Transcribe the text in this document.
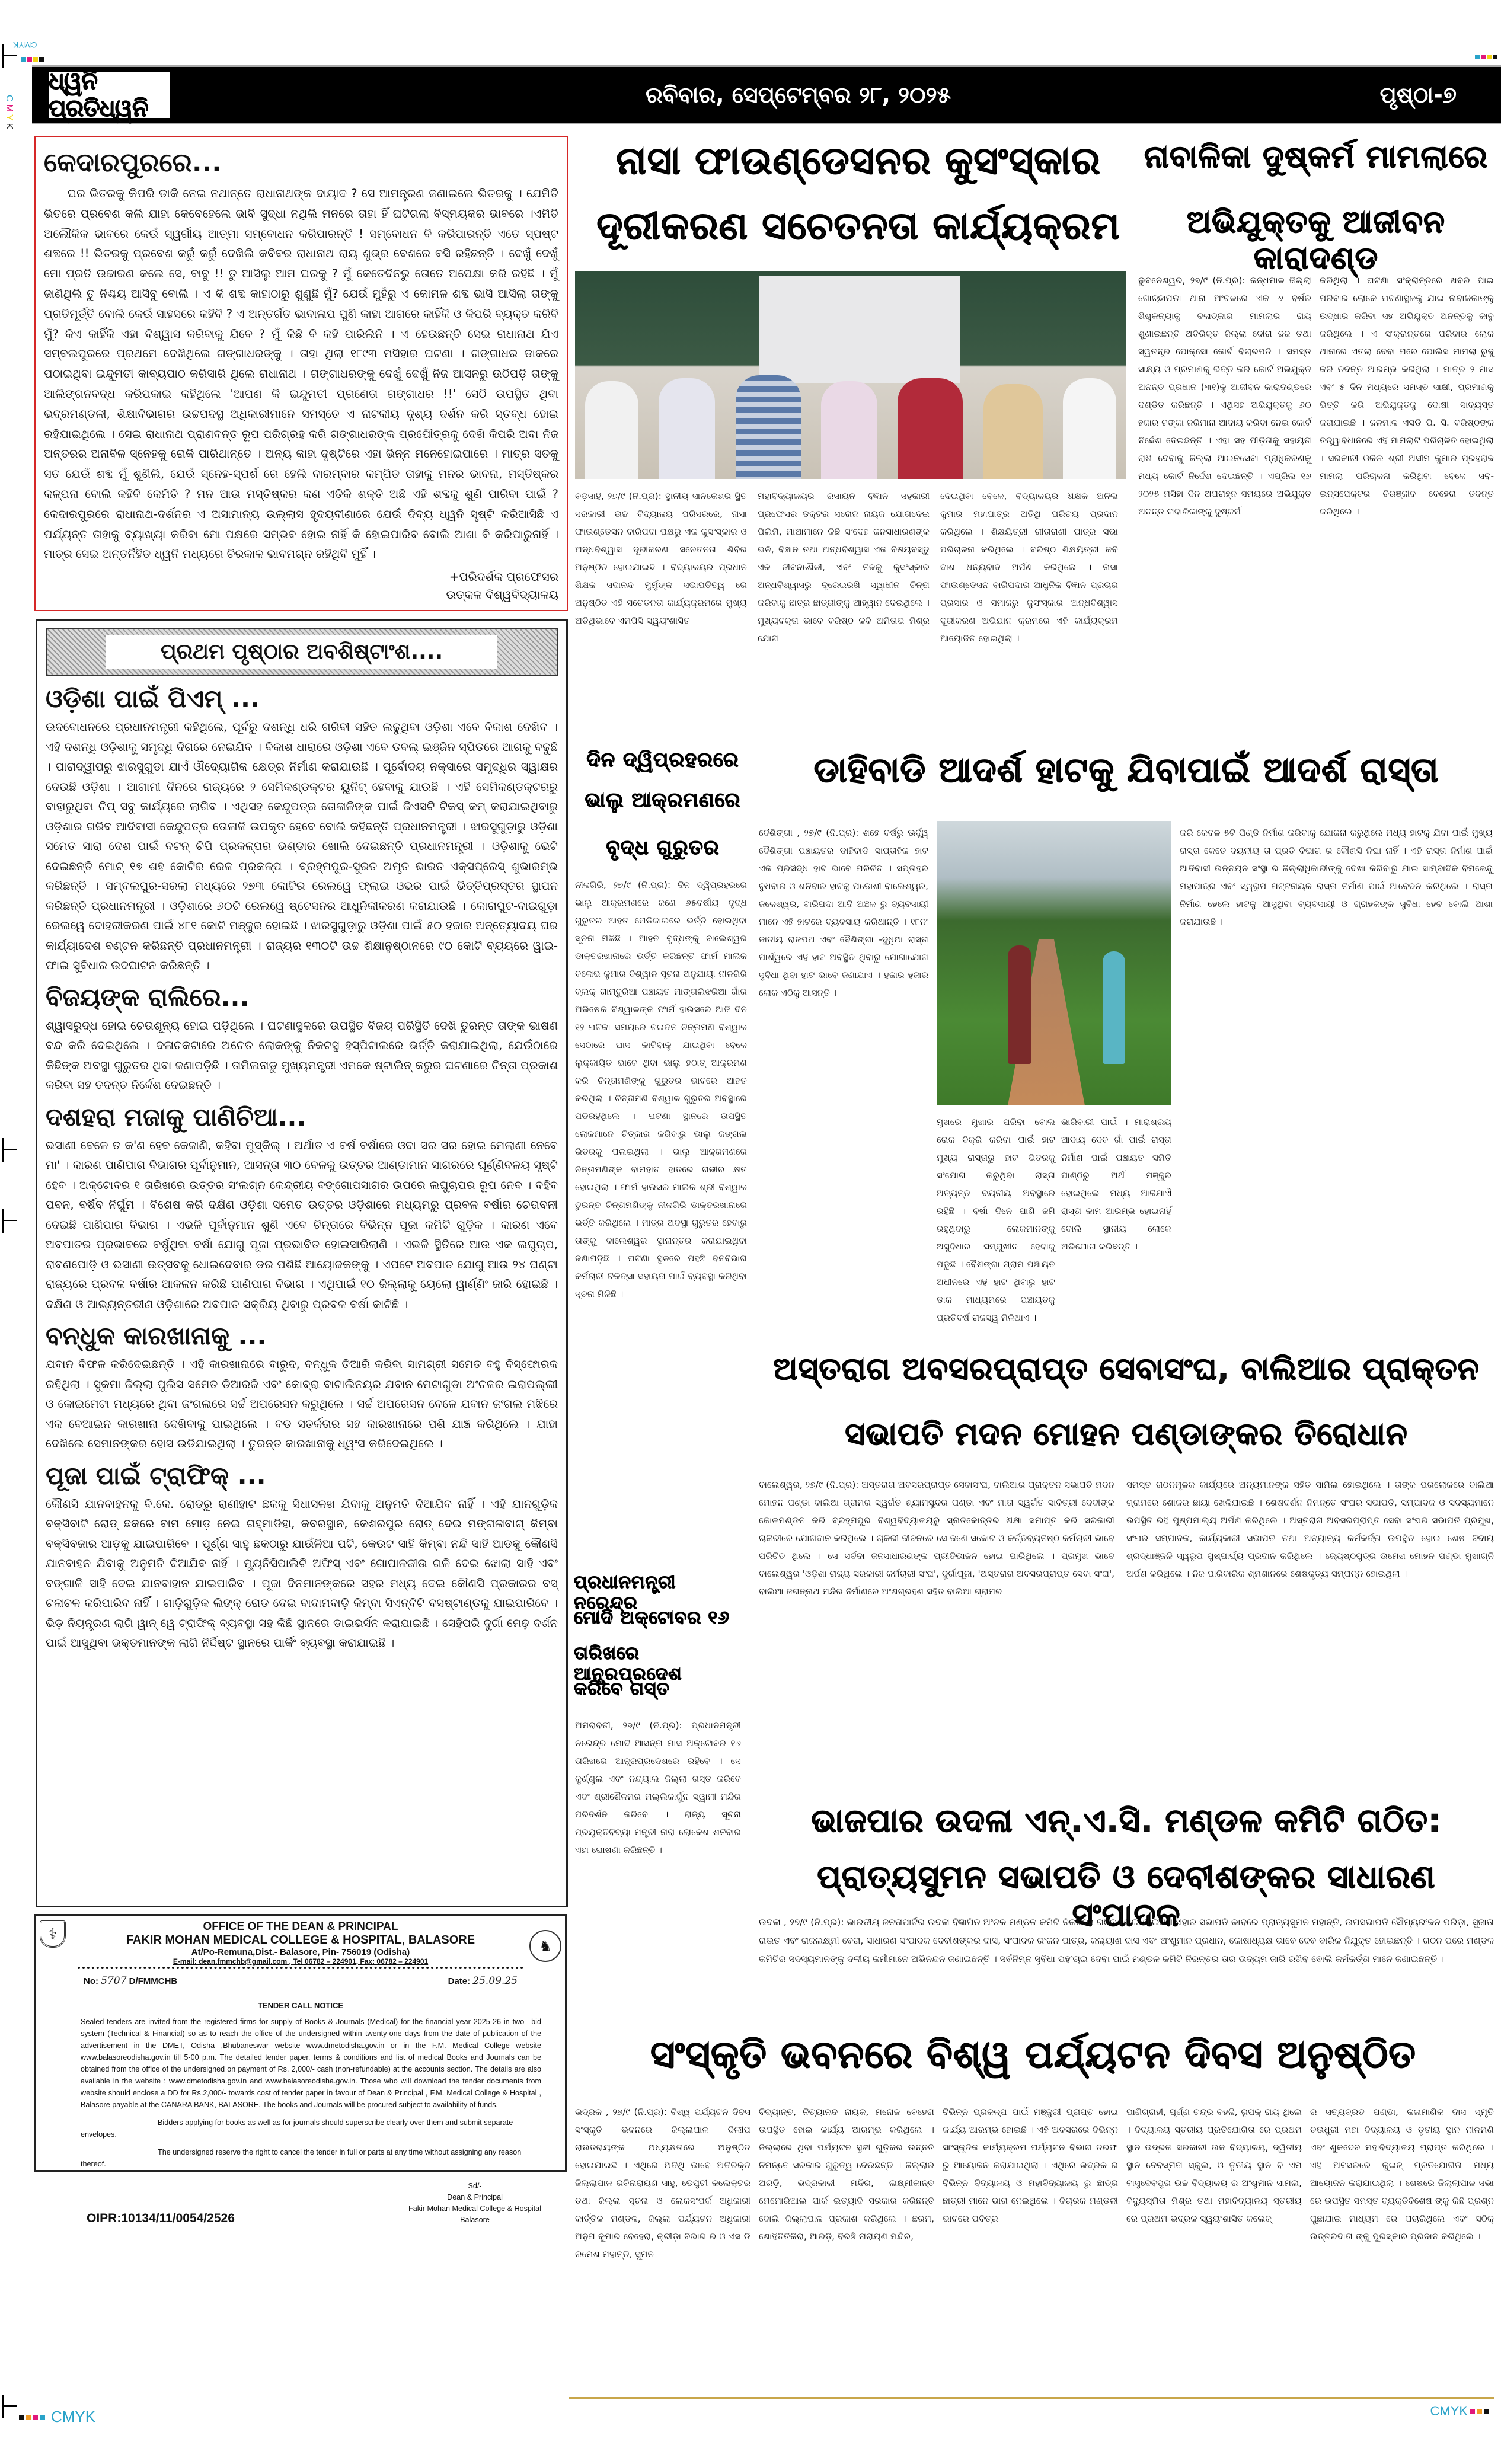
CMYK
CMYK
ଧ୍ୱନି ପ୍ରତିଧ୍ୱନି
ରବିବାର, ସେପ୍ଟେମ୍ବର ୨୮, ୨୦୨୫	ପୃଷ୍ଠା-୭
କେଦାରପୁରରେ...

ଘର ଭିତରକୁ କିପରି ଡାକି ନେଇ ନଥାନ୍ତେ ରାଧାନାଥଙ୍କ ଦାୟାଦ ? ସେ ଆମନ୍ତ୍ରଣ ଜଣାଇଲେ ଭିତରକୁ । ଯେମିତି ଭିତରେ ପ୍ରବେଶ କଲି ଯାହା କେବେହେଲେ ଭାବି ସୁଦ୍ଧା ନଥିଲି ମନରେ ତାହା ହିଁ ଘଟିଗଲା ବିସ୍ମୟକର ଭାବରେ ।ଏମିତି ଅଲୌକିକ ଭାବରେ କେଉଁ ସ୍ୱର୍ଗୀୟ ଆତ୍ମା ସମ୍ବୋଧନ କରିପାରନ୍ତି ! ସମ୍ବୋଧନ ବି କରିପାରନ୍ତି ଏତେ ସ୍ପଷ୍ଟ ଶବ୍ଦରେ !! ଭିତରକୁ ପ୍ରବେଶ କରୁଁ କରୁଁ ଦେଖିଲି କବିବର ରାଧାନାଥ ରାୟ ଶୁଭ୍ର ବେଶରେ ବସି ରହିଛନ୍ତି । ଦେଖୁଁ ଦେଖୁଁ ମୋ ପ୍ରତି ଉଚ୍ଚାରଣ କଲେ ସେ, ବାବୁ !! ତୁ ଆସିଲୁ ଆମ ଘରକୁ ? ମୁଁ କେତେଦିନରୁ ତୋତେ ଅପେକ୍ଷା କରି ରହିଛି । ମୁଁ ଜାଣିଥିଲି ତୁ ନିଶ୍ଚୟ ଆସିବୁ ବୋଲି । ଏ କି ଶବ୍ଦ କାହାଠାରୁ ଶୁଣୁଛି ମୁଁ? ଯେଉଁ ମୁହଁରୁ ଏ କୋମଳ ଶବ୍ଦ ଭାସି ଆସିଲା ତାଙ୍କୁ ପ୍ରତିମୂର୍ତ୍ତି ବୋଲି କେଉଁ ସାହସରେ କହିବି ? ଏ ଅନ୍ତର୍ଗତ ଭାବାଳାପ ପୁଣି କାହା ଆଗରେ କାହିଁକି ଓ କିପରି ବ୍ୟକ୍ତ କରିବି ମୁଁ? କିଏ କାହିଁକି ଏହା ବିଶ୍ୱାସ କରିବାକୁ ଯିବେ ? ମୁଁ କିଛି ବି କହି ପାରିଲିନି । ଏ ହେଉଛନ୍ତି ସେଇ ରାଧାନାଥ ଯିଏ ସମ୍ବଲପୁରରେ ପ୍ରଥମେ ଦେଖିଥିଲେ ଗଙ୍ଗାଧରଙ୍କୁ । ତାହା ଥିଲା ୧୮୯୩ ମସିହାର ଘଟଣା । ଗଙ୍ଗାଧର ଡାକରେ ପଠାଇଥିବା ଇନ୍ଦୁମତୀ କାବ୍ୟପାଠ କରିସାରି ଥିଲେ ରାଧାନାଥ । ଗଙ୍ଗାଧରଙ୍କୁ ଦେଖୁଁ ଦେଖୁଁ ନିଜ ଆସନରୁ ଉଠିପଡ଼ି ତାଙ୍କୁ ଆଲିଙ୍ଗନବଦ୍ଧ କରିପକାଇ କହିଥିଲେ 'ଆପଣ କି ଇନ୍ଦୁମତୀ ପ୍ରଣେତା ଗଙ୍ଗାଧର !!' ସେଠି ଉପସ୍ଥିତ ଥିବା ଭଦ୍ରମଣ୍ଡଳୀ, ଶିକ୍ଷାବିଭାଗର ଉଚ୍ଚପଦସ୍ଥ ଅଧିକାରୀମାନେ ସମସ୍ତେ ଏ ନାଟକୀୟ ଦୃଶ୍ୟ ଦର୍ଶନ କରି ସ୍ତବ୍ଧ ହୋଇ ରହିଯାଇଥିଲେ । ସେଇ ରାଧାନାଥ ପ୍ରାଣବନ୍ତ ରୂପ ପରିଗ୍ରହ କରି ଗଙ୍ଗାଧରଙ୍କ ପ୍ରପୌତ୍ରକୁ ଦେଖି କିପରି ଅବା ନିଜ ଅନ୍ତରର ଅନାବିଳ ସ୍ନେହକୁ ରୋକି ପାରିଥାନ୍ତେ । ଅନ୍ୟ କାହା ଦୃଷ୍ଟିରେ ଏହା ଭିନ୍ନ ମନେହୋଇପାରେ । ମାତ୍ର ସତକୁ ସତ ଯେଉଁ ଶବ୍ଦ ମୁଁ ଶୁଣିଲି, ଯେଉଁ ସ୍ନେହ-ସ୍ପର୍ଶ ରେ ହେଲି ବାରମ୍ବାର କମ୍ପିତ ତାହାକୁ ମନର ଭାବନା, ମସ୍ତିଷ୍କର କଳ୍ପନା ବୋଲି କହିବି କେମିତି ? ମନ ଆଉ ମସ୍ତିଷ୍କର କଣ ଏତିକି ଶକ୍ତି ଅଛି ଏହି ଶବ୍ଦକୁ ଶୁଣି ପାରିବା ପାଇଁ ? କେଦାରପୁରରେ ରାଧାନାଥ-ଦର୍ଶନର ଏ ଅସାମାନ୍ୟ ଉଲ୍ଲାସ ହୃଦୟବୀଣାରେ ଯେଉଁ ଦିବ୍ୟ ଧ୍ୱନି ସୃଷ୍ଟି କରିଆସିଛି ଏ ପର୍ଯ୍ୟନ୍ତ ତାହାକୁ ବ୍ୟାଖ୍ୟା କରିବା ମୋ ପକ୍ଷରେ ସମ୍ଭବ ହୋଇ ନାହିଁ କି ହୋଇପାରିବ ବୋଲି ଆଶା ବି କରିପାରୁନାହିଁ । ମାତ୍ର ସେଇ ଅନ୍ତର୍ନିହିତ ଧ୍ୱନି ମଧ୍ୟରେ ଚିରକାଳ ଭାବମଗ୍ନ ରହିଥିବି ମୁହିଁ ।

+ପରିଦର୍ଶକ ପ୍ରଫେସର
ଉତ୍କଳ ବିଶ୍ୱବିଦ୍ୟାଳୟ
ପ୍ରଥମ ପୃଷ୍ଠାର ଅବଶିଷ୍ଟାଂଶ....
ଓଡ଼ିଶା ପାଇଁ ପିଏମ୍ ...

ଉଦବୋଧନରେ ପ୍ରଧାନମନ୍ତ୍ରୀ କହିଥିଲେ, ପୂର୍ବରୁ ଦଶନ୍ଧି ଧରି ଗରିବୀ ସହିତ ଲଢୁଥିବା ଓଡ଼ିଶା ଏବେ ବିକାଶ ଦେଖିବ । ଏହି ଦଶନ୍ଧି ଓଡ଼ିଶାକୁ ସମୃଦ୍ଧି ଦିଗରେ ନେଇଯିବ । ବିକାଶ ଧାରାରେ ଓଡ଼ିଶା ଏବେ ଡବଲ୍ ଇଞ୍ଜିନ ସ୍ପିଡରେ ଆଗକୁ ବଢୁଛି । ପାରାଦ୍ୱୀପରୁ ଝାରସୁଗୁଡା ଯାଏଁ ଔଦ୍ୟୋଗିକ କ୍ଷେତ୍ର ନିର୍ମାଣ କରାଯାଉଛି । ପୂର୍ବୋଦୟ ନକ୍ସାରେ ସମୃଦ୍ଧିର ସ୍ୱାକ୍ଷର ଦେଉଛି ଓଡ଼ିଶା । ଆଗାମୀ ଦିନରେ ରାଜ୍ୟରେ ୨ ସେମିକଣ୍ଡକ୍ଟର ୟୁନିଟ୍ ହେବାକୁ ଯାଉଛି । ଏହି ସେମିକଣ୍ଡକ୍ଟରରୁ ବାହାରୁଥିବା ଚିପ୍ ସବୁ କାର୍ଯ୍ୟରେ ଲାଗିବ । ଏଥିସହ କେନ୍ଦୁପତ୍ର ତୋଳାଳିଙ୍କ ପାଇଁ ଜିଏସଟି ଟିକସ୍ କମ୍ କରାଯାଇଥିବାରୁ ଓଡ଼ିଶାର ଗରିବ ଆଦିବାସୀ କେନ୍ଦୁପତ୍ର ତୋଳାଳି ଉପକୃତ ହେବେ ବୋଲି କହିଛନ୍ତି ପ୍ରଧାନମନ୍ତ୍ରୀ । ଝାରସୁଗୁଡ଼ାରୁ ଓଡ଼ିଶା ସମେତ ସାରା ଦେଶ ପାଇଁ ବଟନ୍ ଚିପି ପ୍ରକଳ୍ପର ଭଣ୍ଡାର ଖୋଲି ଦେଇଛନ୍ତି ପ୍ରଧାନମନ୍ତ୍ରୀ । ଓଡ଼ିଶାକୁ ଭେଟି ଦେଇଛନ୍ତି ମୋଟ୍ ୧୭ ଶହ କୋଟିର ରେଳ ପ୍ରକଳ୍ପ । ବ୍ରହ୍ମପୁର-ସୁରତ ଅମୃତ ଭାରତ ଏକ୍ସପ୍ରେସ୍ ଶୁଭାରମ୍ଭ କରିଛନ୍ତି । ସମ୍ବଲପୁର-ସରଲା ମଧ୍ୟରେ ୨୭୩ କୋଟିର ରେଲୱେ ଫ୍ଲାଇ ଓଭର ପାଇଁ ଭିତ୍ତିପ୍ରସ୍ତର ସ୍ଥାପନ କରିଛନ୍ତି ପ୍ରଧାନମନ୍ତ୍ରୀ । ଓଡ଼ିଶାରେ ୬୦ଟି ରେଲୱେ ଷ୍ଟେସନର ଆଧୁନିକୀକରଣ କରାଯାଉଛି । କୋରାପୁଟ-ବାଇଗୁଡ଼ା ରେଲୱେ ଦୋହରୀକରଣ ପାଇଁ ୪୮୧ କୋଟି ମଞ୍ଜୁର ହୋଇଛି । ଝାରସୁଗୁଡ଼ାରୁ ଓଡ଼ିଶା ପାଇଁ ୫୦ ହଜାର ଅନ୍ତ୍ୟୋଦୟ ଘର କାର୍ଯ୍ୟାଦେଶ ବଣ୍ଟନ କରିଛନ୍ତି ପ୍ରଧାନମନ୍ତ୍ରୀ । ରାଜ୍ୟର ୧୩୦ଟି ଉଚ୍ଚ ଶିକ୍ଷାନୁଷ୍ଠାନରେ ୯୦ କୋଟି ବ୍ୟୟରେ ୱାଇ-ଫାଇ ସୁବିଧାର ଉଦଘାଟନ କରିଛନ୍ତି ।

ବିଜୟଙ୍କ ରାଲିରେ...

ଶ୍ୱାସରୁଦ୍ଧ ହୋଇ ଚେତାଶୂନ୍ୟ ହୋଇ ପଡ଼ିଥିଲେ । ଘଟଣାସ୍ଥଳରେ ଉପସ୍ଥିତ ବିଜୟ ପରିସ୍ଥିତି ଦେଖି ତୁରନ୍ତ ତାଙ୍କ ଭାଷଣ ବନ୍ଦ କରି ଦେଇଥିଲେ । ଦଳାଚକଟାରେ ଅଚେତ ଲୋକଙ୍କୁ ନିକଟସ୍ଥ ହସ୍ପିଟାଲରେ ଭର୍ତ୍ତି କରାଯାଇଥିଲା, ଯେଉଁଠାରେ କିଛିଙ୍କ ଅବସ୍ଥା ଗୁରୁତର ଥିବା ଜଣାପଡ଼ିଛି । ତାମିଲନାଡୁ ମୁଖ୍ୟମନ୍ତ୍ରୀ ଏମକେ ଷ୍ଟାଲିନ୍ କରୁର ଘଟଣାରେ ଚିନ୍ତା ପ୍ରକାଶ କରିବା ସହ ତଦନ୍ତ ନିର୍ଦ୍ଦେଶ ଦେଇଛନ୍ତି ।

ଦଶହରା ମଜାକୁ ପାଣିଚିଆ...

ଭସାଣୀ ବେଳେ ତ କ'ଣ ହେବ କେଜାଣି, କହିବା ମୁସ୍କିଲ୍ । ଅର୍ଥାତ ଏ ବର୍ଷ ବର୍ଷାରେ ଓଦା ସର ସର ହୋଇ ମେଲାଣୀ ନେବେ ମା' । କାରଣ ପାଣିପାଗ ବିଭାଗର ପୂର୍ବାନୁମାନ, ଆସନ୍ତା ୩୦ ବେଳକୁ ଉତ୍ତର ଆଣ୍ଡାମାନ ସାଗରରେ ଘୂର୍ଣ୍ଣିବଳୟ ସୃଷ୍ଟି ହେବ । ଅକ୍ଟୋବର ୧ ତାରିଖରେ ଉତ୍ତର ସଂଲଗ୍ନ କେନ୍ଦ୍ରୀୟ ବଙ୍ଗୋପସାଗର ଉପରେ ଲଘୁଚାପର ରୂପ ନେବ । ବହିବ ପବନ, ବର୍ଷିବ ନିର୍ଘୁମ । ବିଶେଷ କରି ଦକ୍ଷିଣ ଓଡ଼ିଶା ସମେତ ଉତ୍ତର ଓଡ଼ିଶାରେ ମଧ୍ୟମରୁ ପ୍ରବଳ ବର୍ଷାର ଚେତାବନୀ ଦେଇଛି ପାଣିପାଗ ବିଭାଗ । ଏଭଳି ପୂର୍ବାନୁମାନ ଶୁଣି ଏବେ ଚିନ୍ତାରେ ବିଭିନ୍ନ ପୂଜା କମିଟି ଗୁଡ଼ିକ । କାରଣ ଏବେ ଅବପାତର ପ୍ରଭାବରେ ବର୍ଷୁଥିବା ବର୍ଷା ଯୋଗୁ ପୂଜା ପ୍ରଭାବିତ ହୋଇସାରିଲାଣି । ଏଭଳି ସ୍ଥିତିରେ ଆଉ ଏକ ଲଘୁଚାପ, ରାବଣପୋଡ଼ି ଓ ଭସାଣୀ ଉତ୍ସବକୁ ଧୋଇଦେବାର ଡର ପଶିଛି ଆୟୋଜକଙ୍କୁ । ଏପଟେ ଅବପାତ ଯୋଗୁ ଆଉ ୨୪ ଘଣ୍ଟା ରାଜ୍ୟରେ ପ୍ରବଳ ବର୍ଷାର ଆକଳନ କରିଛି ପାଣିପାଗ ବିଭାଗ । ଏଥିପାଇଁ ୧୦ ଜିଲ୍ଲାକୁ ୟେଲୋ ୱାର୍ଣ୍ଣିଂ ଜାରି ହୋଇଛି । ଦକ୍ଷିଣ ଓ ଆଭ୍ୟନ୍ତରୀଣ ଓଡ଼ିଶାରେ ଅବପାତ ସକ୍ରିୟ ଥିବାରୁ ପ୍ରବଳ ବର୍ଷା କାଟିଛି ।

ବନ୍ଧୁକ କାରଖାନାକୁ ...

ଯବାନ ବିଫଳ କରିଦେଇଛନ୍ତି । ଏହି କାରଖାନାରେ ବାରୁଦ, ବନ୍ଧୁକ ତିଆରି କରିବା ସାମଗ୍ରୀ ସମେତ ବହୁ ବିସ୍ଫୋରକ ରହିଥିଲା । ସୁକମା ଜିଲ୍ଲା ପୁଲିସ ସମେତ ଡିଆରଜି ଏବଂ କୋବ୍ରା ବାଟାଲିନୟର ଯବାନ ମେଟାଗୁଡା ଅଂଚଳର ଇରାପଲ୍ଲୀ ଓ କୋଇମେଟା ମଧ୍ୟରେ ଥିବା ଜଂଗଲରେ ସର୍ଚ୍ଚ ଅପରେସନ କରୁଥିଲେ । ସର୍ଚ୍ଚ ଅପରେସନ ବେଳେ ଯବାନ ଜଂଗଲ ମଝିରେ ଏକ ବେଆଇନ କାରଖାନା ଦେଖିବାକୁ ପାଇଥିଲେ । ବଡ ସତର୍କତାର ସହ କାରଖାନାରେ ପଶି ଯାଞ୍ଚ କରିଥିଲେ । ଯାହା ଦେଖିଲେ ସେମାନଙ୍କର ହୋସ ଉଡିଯାଇଥିଲା । ତୁରନ୍ତ କାରଖାନାକୁ ଧ୍ୱଂସ କରିଦେଇଥିଲେ ।

ପୂଜା ପାଇଁ ଟ୍ରାଫିକ୍ ...

କୌଣସି ଯାନବାହନକୁ ବି.କେ. ରୋଡ୍‌ରୁ ରାଣୀହାଟ ଛକକୁ ସିଧାସଳଖ ଯିବାକୁ ଅନୁମତି ଦିଆଯିବ ନାହିଁ । ଏହି ଯାନଗୁଡ଼ିକ ବକ୍ସିବାଟି ରୋଡ୍ ଛକରେ ବାମ ମୋଡ଼ ନେଇ ଗହ୍ମାଡିହା, କବରସ୍ଥାନ, କେଶରପୁର ରୋଡ୍ ଦେଇ ମଙ୍ଗଳାବାଗ୍ କିମ୍ବା ବକ୍ସିବଜାର ଆଡ଼କୁ ଯାଇପାରିବେ । ପୂର୍ଣ୍ଣ ସାହୁ ଛକଠାରୁ ଯାଉଁଳିଆ ପଟି, କେଉଟ ସାହି କିମ୍ବା ନନ୍ଦି ସାହି ଆଡକୁ କୌଣସି ଯାନବାହନ ଯିବାକୁ ଅନୁମତି ଦିଆଯିବ ନାହିଁ । ମ୍ୟୁନିସିପାଲିଟି ଅଫିସ୍ ଏବଂ ଗୋପାଳଜୀଉ ଗଳି ଦେଇ ଝୋଲା ସାହି ଏବଂ ବଙ୍ଗାଳି ସାହି ଦେଇ ଯାନବାହାନ ଯାଇପାରିବ । ପୂଜା ଦିନମାନଙ୍କରେ ସହର ମଧ୍ୟ ଦେଇ କୌଣସି ପ୍ରକାରର ବସ୍ ଚଳାଚଳ କରିପାରିବ ନାହିଁ । ଗାଡ଼ିଗୁଡ଼ିକ ଲିଙ୍କ୍ ରୋଡ ଦେଇ ବାଦାମବାଡ଼ି କିମ୍ବା ସିଏନ୍‌ବିଟି ବସଷ୍ଟାଣ୍ଡକୁ ଯାଇପାରିବେ । ଭିଡ଼ ନିୟନ୍ତ୍ରଣ ଲାଗି ୱାନ୍ ୱେ ଟ୍ରାଫିକ୍ ବ୍ୟବସ୍ଥା ସହ କିଛି ସ୍ଥାନରେ ଡାଇଭର୍ସନ କରାଯାଇଛି । ସେହିପରି ଦୁର୍ଗା ମେଢ଼ ଦର୍ଶନ ପାଇଁ ଆସୁଥିବା ଭକ୍ତମାନଙ୍କ ଲାଗି ନିର୍ଦ୍ଦିଷ୍ଟ ସ୍ଥାନରେ ପାର୍କିଂ ବ୍ୟବସ୍ଥା କରାଯାଇଛି ।

⚕
♞
OFFICE OF THE DEAN & PRINCIPAL
FAKIR MOHAN MEDICAL COLLEGE & HOSPITAL, BALASORE
At/Po-Remuna,Dist.- Balasore, Pin- 756019 (Odisha)
E-mail: dean.fmmchb@gmail.com , Tel 06782 – 224901, Fax: 06782 – 224901
No: 5707 D/FMMCHB	Date: 25.09.25
TENDER CALL NOTICE
Sealed tenders are invited from the registered firms for supply of Books & Journals (Medical) for the financial year 2025-26 in two –bid system (Technical & Financial) so as to reach the office of the undersigned within twenty-one days from the date of publication of the advertisement in the DMET, Odisha ,Bhubaneswar website www.dmetodisha.gov.in or in the F.M. Medical College website www.balasoreodisha.gov.in till 5-00 p.m. The detailed tender paper, terms & conditions and list of medical Books and Journals can be obtained from the office of the undersigned on payment of Rs. 2,000/- cash (non-refundable) at the accounts section. The details are also available in the website : www.dmetodisha.gov.in and www.balasoreodisha.gov.in. Those who will download the tender documents from website should enclose a DD for Rs.2,000/- towards cost of tender paper in favour of Dean & Principal , F.M. Medical College & Hospital , Balasore payable at the CANARA BANK, BALASORE. The books and Journals will be procured subject to availability of funds.
Bidders applying for books as well as for journals should superscribe clearly over them and submit separate envelopes.
The undersigned reserve the right to cancel the tender in full or parts at any time without assigning any reason thereof.
OIPR:10134/11/0054/2526
Sd/-
Dean & Principal
Fakir Mohan Medical College & Hospital
Balasore
ନାସା ଫାଉଣ୍ଡେସନର କୁସଂସ୍କାର
ଦୂରୀକରଣ ସଚେତନତା କାର୍ଯ୍ୟକ୍ରମ
ବଡ଼ସାହି, ୨୭/୯ (ନି.ପ୍ର): ସ୍ଥାନୀୟ ସାନକେଶର ସ୍ଥିତ ସରକାରୀ ଉଚ୍ଚ ବିଦ୍ୟାଳୟ ପରିସରରେ, ନାସା ଫାଉଣ୍ଡେସନ ବାରିପଦା ପକ୍ଷରୁ ଏକ କୁସଂସ୍କାର ଓ ଅନ୍ଧବିଶ୍ୱାସ ଦୂରୀକରଣ ସଚେତନତା ଶିବିର ଅନୁଷ୍ଠିତ ହୋଇଯାଇଛି । ବିଦ୍ୟାଳୟର ପ୍ରଧାନ ଶିକ୍ଷକ ସଦାନନ୍ଦ ମୁର୍ମୁଙ୍କ ସଭାପତିତ୍ୱ ରେ ଅନୁଷ୍ଠିତ ଏହି ସଚେତନତା କାର୍ଯ୍ୟକ୍ରମରେ ମୁଖ୍ୟ ଅତିଥିଭାବେ ଏମପିସି ସ୍ୱୟଂଶାସିତ
ମହାବିଦ୍ୟାଳୟର ରସାୟନ ବିଜ୍ଞାନ ସହକାରୀ ପ୍ରଫେସର ଡକ୍ଟର ସରୋଜ ନାୟକ ଯୋଗଦେଇ ପିଲିମି, ମାଆମାନେ କିଛି ସଂଦେହ ଜନସାଧାରଣଙ୍କ ଭଳି, ବିଜ୍ଞାନ ତଥା ଅନ୍ଧବିଶ୍ୱାସ ଏକ ବିଷୟବସ୍ତୁ ଏକ ଜୀବନଶୈଳୀ, ଏବଂ ନିଜକୁ କୁସଂସ୍କାର ଅନ୍ଧବିଶ୍ୱାସରୁ ଦୂରେଇରଖି ସ୍ୱାଧୀନ ଚିନ୍ତା କରିବାକୁ ଛାତ୍ର ଛାତ୍ରୀଙ୍କୁ ଆହ୍ୱାନ ଦେଇଥିଲେ । ମୁଖ୍ୟବକ୍ତା ଭାବେ ବରିଷ୍ଠ କବି ଅମିତାଭ ମିଶ୍ର ଯୋଗ
ଦେଇଥିବା ବେଳେ, ବିଦ୍ୟାଳୟର ଶିକ୍ଷକ ଅନିଲ କୁମାର ମହାପାତ୍ର ଅତିଥି ପରିଚୟ ପ୍ରଦାନ କରିଥିଲେ । ଶିକ୍ଷୟିତ୍ରୀ ଗୀତାରାଣୀ ପାତ୍ର ସଭା ପରିଚାଳନା କରିଥିଲେ । ବରିଷ୍ଠ ଶିକ୍ଷୟିତ୍ରୀ କବି ଦାଶ ଧନ୍ୟବାଦ ଅର୍ପଣ କରିଥିଲେ । ନାସା ଫାଉଣ୍ଡେସନ ବାରିପଦାର ଆଧୁନିକ ବିଜ୍ଞାନ ପ୍ରଚାର ପ୍ରସାର ଓ ସମାଜରୁ କୁସଂସ୍କାର ଅନ୍ଧବିଶ୍ୱାସ ଦୂରୀକରଣ ଅଭିଯାନ କ୍ରମରେ ଏହି କାର୍ଯ୍ୟକ୍ରମ ଆୟୋଜିତ ହୋଇଥିଲା ।
ନାବାଳିକା ଦୁଷ୍କର୍ମ ମାମଲାରେ
ଅଭିଯୁକ୍ତକୁ ଆଜୀବନ କାରାଦଣ୍ଡ
ଭୁବନେଶ୍ୱର, ୨୭/୯ (ନି.ପ୍ର): କନ୍ଧମାଳ ଜିଲ୍ଲା ଗୋଚ୍ଛାପଡା ଥାନା ଅଂଚଳରେ ଏକ ୬ ବର୍ଷର ଶିଶୁକନ୍ୟାକୁ ବଳାତ୍କାର ମାମଲାର ରାୟ ଶୁଣାଇଛନ୍ତି ଅତିରିକ୍ତ ଜିଲ୍ଲା ଦୌରା ଜଜ ତଥା ସ୍ୱତନ୍ତ୍ର ପୋକ୍ସୋ କୋର୍ଟ ବିଚାରପତି । ସମସ୍ତ ସାକ୍ଷ୍ୟ ଓ ପ୍ରମାଣକୁ ଭିତ୍ତି କରି କୋର୍ଟ ଅଭିଯୁକ୍ତ ଅନନ୍ତ ପ୍ରଧାନ (୩୧)କୁ ଆଜୀବନ କାରାଦଣ୍ଡରେ ଦଣ୍ଡିତ କରିଛନ୍ତି । ଏଥିସହ ଅଭିଯୁକ୍ତକୁ ୬୦ ହଜାର ଟଙ୍କା ଜରିମାନା ଆଦାୟ କରିବା ନେଇ କୋର୍ଟ ନିର୍ଦ୍ଦେଶ ଦେଇଛନ୍ତି । ଏହା ସହ ପୀଡ଼ିତାକୁ ସହାୟତା ରାଶି ଦେବାକୁ ଜିଲ୍ଲା ଆଇନସେବା ପ୍ରାଧିକରଣକୁ ମଧ୍ୟ କୋର୍ଟ ନିର୍ଦ୍ଦେଶ ଦେଇଛନ୍ତି । ଏପ୍ରିଲ ୧୬ ୨୦୨୫ ମସିହା ଦିନ ଅପରାହ୍ନ ସମୟରେ ଅଭିଯୁକ୍ତ ଅନନ୍ତ ନାବାଳିକାଙ୍କୁ ଦୁଷ୍କର୍ମ
କରିଥିଲା । ଘଟଣା ସଂକ୍ରାନ୍ତରେ ଖବର ପାଇ ପରିବାର ଲୋକେ ଘଟଣାସ୍ଥଳକୁ ଯାଇ ନାବାଳିକାଙ୍କୁ ଉଦ୍ଧାର କରିବା ସହ ଅଭିଯୁକ୍ତ ଅନନ୍ତକୁ କାବୁ କରିଥିଲେ । ଏ ସଂକ୍ରାନ୍ତରେ ପରିବାର ଲୋକ ଥାନାରେ ଏତଲା ଦେବା ପରେ ପୋଲିସ ମାମଲା ରୁଜୁ କରି ତଦନ୍ତ ଆରମ୍ଭ କରିଥିଲା । ମାତ୍ର ୨ ମାସ ଏବଂ ୫ ଦିନ ମଧ୍ୟରେ ସମସ୍ତ ସାକ୍ଷୀ, ପ୍ରମାଣକୁ ଭିତ୍ତି କରି ଅଭିଯୁକ୍ତକୁ ଦୋଷୀ ସାବ୍ୟସ୍ତ କରାଯାଇଛି । ଜଳମାଳ ଏସଡି ପି. ସି. ବରିଷ୍ଠଙ୍କ ତତ୍ତ୍ୱାବଧାନରେ ଏହି ମାମଲାଟି ପରିଚାଳିତ ହୋଇଥିଲା । ସରକାରୀ ଓକିଲ ଶ୍ରୀ ଅସୀମ କୁମାର ପ୍ରହରାଜ ମାମଲା ପରିଚାଳନା କରିଥିବା ବେଳେ ସବ- ଇନ୍ସପେକ୍ଟର ଚିରଞ୍ଜୀବ ବେହେରା ତଦନ୍ତ କରିଥିଲେ ।
ଦିନ ଦ୍ୱିପ୍ରହରରେ
ଭାଲୁ ଆକ୍ରମଣରେ
ବୃଦ୍ଧ ଗୁରୁତର
ନୀଳଗିରି, ୨୭/୯ (ନି.ପ୍ର): ଦିନ ଦ୍ୱିପ୍ରହରରେ ଭାଲୁ ଆକ୍ରମଣରେ ଜଣେ ୬୫ବର୍ଷୀୟ ବୃଦ୍ଧ ଗୁରୁତର ଆହତ ମେଡିକାଲରେ ଭର୍ତ୍ତି ହୋଇଥିବା ସୂଚନା ମିଳିଛି । ଆହତ ବୃଦ୍ଧଙ୍କୁ ବାଲେଶ୍ୱର ଡାକ୍ତରଖାନାରେ ଭର୍ତ୍ତି କରିଛନ୍ତି ଫାର୍ମ ମାଲିକ ବଳୋଭ କୁମାର ବିଶ୍ୱାଳ ସୂଚନା ଅନୁଯାୟୀ ନୀଳଗିରି ବ୍ଲକ୍ ଗାମ୍ବୁରିଆ ପଞ୍ଚାୟତ ମାଙ୍ଗଲିଝରିଆ ଗାଁର ଅଭିଷେକ ବିଶ୍ୱାଳଙ୍କ ଫାର୍ମ ହାଉସରେ ଆଜି ଦିନ ୧୨ ଘଟିକା ସମୟରେ ଚଇତନ ଚିନ୍ତାମଣି ବିଶ୍ୱାଳ ସେଠାରେ ଘାସ କାଟିବାକୁ ଯାଇଥିବା ବେଳେ ଲୁକ୍କାୟିତ ଭାବେ ଥିବା ଭାଲୁ ହଠାତ୍ ଆକ୍ରମଣ କରି ଚିନ୍ତାମଣିଙ୍କୁ ଗୁରୁତର ଭାବରେ ଆହତ କରିଥିଲା । ଚିନ୍ତାମଣି ବିଶ୍ୱାଳ ଗୁରୁତର ଅବସ୍ଥାରେ ପଡିରହିଥିଲେ । ଘଟଣା ସ୍ଥାନରେ ଉପସ୍ଥିତ ଲୋକମାନେ ଚିତ୍କାର କରିବାରୁ ଭାଲୁ ଜଙ୍ଗଲ ଭିତରକୁ ପଳାଇଥିଲା । ଭାଲୁ ଆକ୍ରମଣରେ ଚିନ୍ତାମଣିଙ୍କ ବାମହାତ ହାତରେ ଗଭୀର କ୍ଷତ ହୋଇଥିଲା । ଫାର୍ମ ହାଉସର ମାଲିକ ଶ୍ରୀ ବିଶ୍ୱାଳ ତୁରନ୍ତ ଚିନ୍ତାମଣିଙ୍କୁ ନୀଳଗିରି ଡାକ୍ତରଖାନାରେ ଭର୍ତ୍ତି କରିଥିଲେ । ମାତ୍ର ଅବସ୍ଥା ଗୁରୁତର ହେବାରୁ ତାଙ୍କୁ ବାଲେଶ୍ୱର ସ୍ଥାନାନ୍ତର କରାଯାଇଥିବା ଜଣାପଡ଼ିଛି । ଘଟଣା ସ୍ଥଳରେ ପହଞ୍ଚି ବନବିଭାଗ କର୍ମଚାରୀ ଚିକିତ୍ସା ସହାୟତା ପାଇଁ ବ୍ୟବସ୍ଥା କରିଥିବା ସୂଚନା ମିଳିଛି ।
ପ୍ରଧାନମନ୍ତ୍ରୀ ନରେନ୍ଦ୍ର
ମୋଦି ଅକ୍ଟୋବର ୧୬
ତାରିଖରେ ଆନ୍ଧ୍ରପ୍ରଦେଶ
କରିବେ ଗସ୍ତ
ଅମରାବତୀ, ୨୭/୯ (ନି.ପ୍ର): ପ୍ରଧାନମନ୍ତ୍ରୀ ନରେନ୍ଦ୍ର ମୋଦି ଆସନ୍ତା ମାସ ଅକ୍ଟୋବର ୧୬ ତାରିଖରେ ଆନ୍ଧ୍ରପ୍ରଦେଶରେ ରହିବେ । ସେ କୁର୍ଣ୍ଣୁଲ ଏବଂ ନନ୍ଦ୍ୟାଲ ଜିଲ୍ଲା ଗସ୍ତ କରିବେ ଏବଂ ଶ୍ରୀଶୈଳମର ମଲ୍ଲିକାର୍ଜୁନ ସ୍ୱାମୀ ମନ୍ଦିର ପରିଦର୍ଶନ କରିବେ । ରାଜ୍ୟ ସୂଚନା ପ୍ରଯୁକ୍ତିବିଦ୍ୟା ମନ୍ତ୍ରୀ ନାରା ଲୋକେଶ ଶନିବାର ଏହା ଘୋଷଣା କରିଛନ୍ତି ।
ଡାହିବାଡି ଆଦର୍ଶ ହାଟକୁ ଯିବାପାଇଁ ଆଦର୍ଶ ରାସ୍ତା
ବୈଶିଙ୍ଗା , ୨୭/୯ (ନି.ପ୍ର): ଶହେ ବର୍ଷରୁ ଊର୍ଦ୍ଧ୍ୱ ବୈଶିଙ୍ଗା ପଞ୍ଚାୟତର ଡାହିବାଡି ସାପ୍ତାହିକ ହାଟ ଏକ ପ୍ରସିଦ୍ଧ ହାଟ ଭାବେ ପରିଚିତ । ସପ୍ତାହର ବୁଧବାର ଓ ଶନିବାର ହାଟକୁ ପଡୋଶୀ ବାଲେଶ୍ୱର, ଜଳେଶ୍ୱର, ବାରିପଦା ଆଦି ଅଞ୍ଚଳ ରୁ ବ୍ୟବସାୟୀ ମାନେ ଏହି ହାଟରେ ବ୍ୟବସାୟ କରିଥାନ୍ତି । ୧୮ନଂ ଜାତୀୟ ରାଜପଥ ଏବଂ ବୈଶିଙ୍ଗା -ଦୁଧିଆ ରାସ୍ତା ପାର୍ଶ୍ୱରେ ଏହି ହାଟ ଅବସ୍ଥିତ ଥିବାରୁ ଯୋଗାଯୋଗ ସୁବିଧା ଥିବା ହାଟ ଭାବେ ଜଣାଯାଏ । ହଜାର ହଜାର ଲୋକ ଏଠିକୁ ଆସନ୍ତି ।
ମୁଖରେ ମୁଖାର ପରିବା ବୋଲ ରୋକ ବିକ୍ରି କରିବା ପାଇଁ ହାଟ ମୁଖ୍ୟ ରାସ୍ତାରୁ ହାଟ ଭିତରକୁ ସଂଯୋଗ କରୁଥିବା ରାସ୍ତା ଅତ୍ୟନ୍ତ ଦୟନୀୟ ଅବସ୍ଥାରେ ରହିଛି । ବର୍ଷା ଦିନେ ପାଣି ଜମି ରହୁଥିବାରୁ ଲୋକମାନଙ୍କୁ ଅସୁବିଧାର ସମ୍ମୁଖୀନ ହେବାକୁ ପଡୁଛି । ବୈଶିଙ୍ଗା ଗ୍ରାମ ପଞ୍ଚାୟତ ଅଧୀନରେ ଏହି ହାଟ ଥିବାରୁ ହାଟ ଡାକ ମାଧ୍ୟମରେ ପଞ୍ଚାୟତକୁ ପ୍ରତିବର୍ଷ ରାଜସ୍ୱ ମିଳିଥାଏ ।
ଭାରିବାରୀ ପାଇଁ । ମାରାଶ୍ରୟ ଆଦାୟ ଦେବ ଗାଁ ପାଇଁ ରାସ୍ତା ନିର୍ମାଣ ପାଇଁ ପଞ୍ଚାୟତ ସମିତି ପାଣ୍ଠିରୁ ଅର୍ଥ ମଞ୍ଜୁର ହୋଇଥିଲେ ମଧ୍ୟ ଆଜିଯାଏଁ ରାସ୍ତା କାମ ଆରମ୍ଭ ହୋଇନାହିଁ ବୋଲି ସ୍ଥାନୀୟ ଲୋକେ ଅଭିଯୋଗ କରିଛନ୍ତି ।
କରି କେବଳ ୫ଟି ପିଣ୍ଡି ନିର୍ମାଣ କରିବାକୁ ଯୋଜନା କରୁଥିଲେ ମଧ୍ୟ ହାଟକୁ ଯିବା ପାଇଁ ମୁଖ୍ୟ ରାସ୍ତା କେତେ ଦୟନୀୟ ତା ପ୍ରତି ବିଭାଗ ର କୌଣସି ନିଘା ନାହିଁ । ଏହି ରାସ୍ତା ନିର୍ମାଣ ପାଇଁ ଆଦିବାସୀ ଉନ୍ନୟନ ସଂସ୍ଥା ର ଜିଲ୍ଲାଧିକାରୀଙ୍କୁ ଦେଖା କରିବାରୁ ଯାଇ ସାମ୍ବାଦିକ ବିମଳେନ୍ଦୁ ମହାପାତ୍ର ଏବଂ ସ୍ୱରୂପ ପଟ୍ଟନାୟକ ରାସ୍ତା ନିର୍ମାଣ ପାଇଁ ଆବେଦନ କରିଥିଲେ । ରାସ୍ତା ନିର୍ମାଣ ହେଲେ ହାଟକୁ ଆସୁଥିବା ବ୍ୟବସାୟୀ ଓ ଗ୍ରାହକଙ୍କ ସୁବିଧା ହେବ ବୋଲି ଆଶା କରାଯାଉଛି ।
ଅସ୍ତରାଗ ଅବସରପ୍ରାପ୍ତ ସେବାସଂଘ, ବାଲିଆର ପ୍ରାକ୍ତନ
ସଭାପତି ମଦନ ମୋହନ ପଣ୍ଡାଙ୍କର ତିରୋଧାନ
ବାଲେଶ୍ୱର, ୨୭/୯ (ନି.ପ୍ର): ଅସ୍ତରାଗ ଅବସରପ୍ରାପ୍ତ ସେବାସଂଘ, ବାଲିଆର ପ୍ରାକ୍ତନ ସଭାପତି ମଦନ ମୋହନ ପଣ୍ଡା ବାଲିଆ ଗ୍ରାମର ସ୍ୱର୍ଗତ ଶ୍ୟାମସୁନ୍ଦର ପଣ୍ଡା ଏବଂ ମାତା ସ୍ୱର୍ଗତ ସାବିତ୍ରୀ ଦେବୀଙ୍କ କୋଳମଣ୍ଡନ କରି ବ୍ରହ୍ମପୁର ବିଶ୍ୱବିଦ୍ୟାଳୟରୁ ସ୍ନାତକୋତ୍ତର ଶିକ୍ଷା ସମାପ୍ତ କରି ସରକାରୀ ଚାକିରୀରେ ଯୋଗଦାନ କରିଥିଲେ । ଚାକିରୀ ଜୀବନରେ ସେ ଜଣେ ସଚ୍ଚୋଟ ଓ କର୍ତ୍ତବ୍ୟନିଷ୍ଠ କର୍ମଚାରୀ ଭାବେ ପରିଚିତ ଥିଲେ । ସେ ସର୍ବଦା ଜନସାଧାରଣଙ୍କ ପ୍ରୀତିଭାଜନ ହୋଇ ପାରିଥିଲେ । ପ୍ରମୁଖ ଭାବେ ବାଲେଶ୍ୱର 'ଓଡ଼ିଶା ରାଜ୍ୟ ସରକାରୀ କର୍ମଚାରୀ ସଂଘ', ଦୁର୍ଗାପୂଜା, 'ଅସ୍ତରାଗ ଅବସରପ୍ରାପ୍ତ ସେବା ସଂଘ', ବାଲିଆ ଜଗନ୍ନାଥ ମନ୍ଦିର ନିର୍ମାଣରେ ଅଂଶଗ୍ରହଣ ସହିତ ବାଲିଆ ଗ୍ରାମର
ସମସ୍ତ ଗଠନମୂଳକ କାର୍ଯ୍ୟରେ ଅନ୍ୟମାନଙ୍କ ସହିତ ସାମିଲ ହୋଇଥିଲେ । ତାଙ୍କ ପରଲୋକରେ ବାଲିଆ ଗ୍ରାମରେ ଶୋକର ଛାୟା ଖେଳିଯାଇଛି । ଶେଷଦର୍ଶନ ନିମନ୍ତେ ସଂଘର ସଭାପତି, ସମ୍ପାଦକ ଓ ସଦସ୍ୟମାନେ ଉପସ୍ଥିତ ରହି ପୁଷ୍ପମାଲ୍ୟ ଅର୍ପଣ କରିଥିଲେ । ଅସ୍ତରାଗ ଅବସରପ୍ରାପ୍ତ ସେବା ସଂଘର ସଭାପତି ପ୍ରମୁଖ, ସଂଘର ସମ୍ପାଦକ, କାର୍ଯ୍ୟକାରୀ ସଭାପତି ତଥା ଅନ୍ୟାନ୍ୟ କର୍ମକର୍ତ୍ତା ଉପସ୍ଥିତ ହୋଇ ଶେଷ ବିଦାୟ ଶ୍ରଦ୍ଧାଞ୍ଜଳି ସ୍ୱରୂପ ପୁଷ୍ପାର୍ଘ୍ୟ ପ୍ରଦାନ କରିଥିଲେ । ଜ୍ୟେଷ୍ଠପୁତ୍ର ଉମେଶ ମୋହନ ପଣ୍ଡା ମୁଖାଗ୍ନି ଅର୍ପଣ କରିଥିଲେ । ନିଜ ପାରିବାରିକ ଶ୍ମଶାନରେ ଶେଷକୃତ୍ୟ ସମ୍ପନ୍ନ ହୋଇଥିଲା ।
ଭାଜପାର ଉଦଳା ଏନ୍.ଏ.ସି. ମଣ୍ଡଳ କମିଟି ଗଠିତ:
ପ୍ରାତ୍ୟସୁମନ ସଭାପତି ଓ ଦେବୀଶଙ୍କର ସାଧାରଣ ସଂପାଦକ
ଉଦଳା , ୨୭/୯ (ନି.ପ୍ର): ଭାରତୀୟ ଜନତାପାର୍ଟିର ଉଦଳା ବିଜ୍ଞାପିତ ଅଂଚଳ ମଣ୍ଡଳ କମିଟି ନିକଟରେ ଗଠିତ ହୋଇ ଯାଇଛି । ଏହାର ସଭାପତି ଭାବରେ ପ୍ରାତ୍ୟସୁମନ ମହାନ୍ତି, ଉପସଭାପତି ସୌମ୍ୟରଂଜନ ପରିଡ଼ା, ସୁଜାତା ରାଉତ ଏବଂ ରାଜଲକ୍ଷ୍ମୀ ବେରା, ସାଧାରଣ ସଂପାଦକ ଦେବୀଶଙ୍କର ଦାସ, ସଂପାଦକ ରଂଜନ ପାତ୍ର, କଲ୍ୟାଣ ଦାସ ଏବଂ ଅଂଶୁମାନ ପ୍ରଧାନ, କୋଷାଧ୍ୟକ୍ଷ ଭାବେ ଦେବ ବାରିକ ନିଯୁକ୍ତ ହୋଇଛନ୍ତି । ଗଠନ ପରେ ମଣ୍ଡଳ କମିଟିର ସଦସ୍ୟମାନଙ୍କୁ ଦଳୀୟ କର୍ମୀମାନେ ଅଭିନନ୍ଦନ ଜଣାଇଛନ୍ତି । ସର୍ବନିମ୍ନ ସୁବିଧା ପହଂଚାଇ ଦେବା ପାଇଁ ମଣ୍ଡଳ କମିଟି ନିରନ୍ତର ତାର ଉଦ୍ୟମ ଜାରି ରଖିବ ବୋଲି କର୍ମକର୍ତ୍ତା ମାନେ ଜଣାଇଛନ୍ତି ।
ସଂସ୍କୃତି ଭବନରେ ବିଶ୍ୱ ପର୍ଯ୍ୟଟନ ଦିବସ ଅନୁଷ୍ଠିତ
ଭଦ୍ରକ , ୨୭/୯ (ନି.ପ୍ର): ବିଶ୍ୱ ପର୍ଯ୍ୟଟନ ଦିବସ ସଂସ୍କୃତି ଭବନରେ ଜିଲ୍ଲାପାଳ ଦିଲୀପ ରାଉତରାୟଙ୍କ ଅଧ୍ୟକ୍ଷତାରେ ଅନୁଷ୍ଠିତ ହୋଇଯାଇଛି । ଏଥିରେ ଅତିଥି ଭାବେ ଅତିରିକ୍ତ ଜିଲ୍ଲାପାଳ ରବିନାରାୟଣ ସାହୁ, ଡେପୁଟୀ କଲେକ୍ଟର ତଥା ଜିଲ୍ଲା ସୂଚନା ଓ ଲୋକସଂପର୍କ ଅଧିକାରୀ କାର୍ତ୍ତିକ ମଣ୍ଡଳ, ଜିଲ୍ଲା ପର୍ଯ୍ୟଟନ ଅଧିକାରୀ ଅନୁପ କୁମାର ବେହେରା, କ୍ରୀଡ଼ା ବିଭାଗ ର ଓ ଏସ ଡି ରମେଶ ମହାନ୍ତି, ସୁମନ
ବିଦ୍ୟାନ୍ତ, ନିତ୍ୟାନନ୍ଦ ନାୟକ, ମନୋଜ ବେହେରା ଉପସ୍ଥିତ ହୋଇ କାର୍ଯ୍ୟ ଆରମ୍ଭ କରିଥିଲେ । ଜିଲ୍ଲାରେ ଥିବା ପର୍ଯ୍ୟଟନ ସ୍ଥଳୀ ଗୁଡ଼ିକର ଉନ୍ନତି ନିମନ୍ତେ ସରକାର ଗୁରୁତ୍ୱ ଦେଉଛନ୍ତି । ଜିଲ୍ଲାର ଅରଡ଼ି, ଭଦ୍ରକାଳୀ ମନ୍ଦିର, ଲକ୍ଷ୍ମୀକାନ୍ତ ମେମୋରିଆଲ ପାର୍କ ଇତ୍ୟାଦି ସରକାର କରିଛନ୍ତି ବୋଲି ଜିଲ୍ଲାପାଳ ପ୍ରକାଶ କରିଥିଲେ । ଛରମ, ଶୋହିତିତିକିରା, ଆରଡ଼ି, ବିରଞ୍ଚି ନାରାୟଣ ମନ୍ଦିର,
ବିଭିନ୍ନ ପ୍ରକଳ୍ପ ପାଇଁ ମଞ୍ଜୁରୀ ପ୍ରାପ୍ତ ହୋଇ କାର୍ଯ୍ୟ ଆରମ୍ଭ ହୋଇଛି । ଏହି ଅବସରରେ ବିଭିନ୍ନ ସାଂସ୍କୃତିକ କାର୍ଯ୍ୟକ୍ରମ ପର୍ଯ୍ୟଟନ ବିଭାଗ ତରଫ ରୁ ଆୟୋଜନ କରାଯାଇଥିଲା । ଏଥିରେ ଭଦ୍ରକ ର ବିଭିନ୍ନ ବିଦ୍ୟାଳୟ ଓ ମହାବିଦ୍ୟାଳୟ ରୁ ଛାତ୍ର ଛାତ୍ରୀ ମାନେ ଭାଗ ନେଇଥିଲେ । ବିଚାରକ ମଣ୍ଡଳୀ ଭାବରେ ପବିତ୍ର
ପାଣିଗ୍ରାହୀ, ପୂର୍ଣ୍ଣ ଚନ୍ଦ୍ର ବହଳି, ରୂପକ୍ ରାୟ ଥିଲେ । ବିଦ୍ୟାଳୟ ସ୍ତରୀୟ ପ୍ରତିଯୋଗିତା ରେ ପ୍ରଥମ ସ୍ଥାନ ଭଦ୍ରକ ସରକାରୀ ଉଚ୍ଚ ବିଦ୍ୟାଳୟ, ଦ୍ୱିତୀୟ ସ୍ଥାନ ଦେବସ୍ମିତା ସ୍କୁଲ, ଓ ତୃତୀୟ ସ୍ଥାନ ବି ଏମ ବାସୁଦେବପୁର ଉଚ୍ଚ ବିଦ୍ୟାଳୟ ର ଅଂଶୁମାନ ସାମଲ, ବିଦ୍ୟୁସ୍ମିତା ମିଶ୍ର ତଥା ମହାବିଦ୍ୟାଳୟ ସ୍ତରୀୟ ରେ ପ୍ରଥମ ଭଦ୍ରକ ସ୍ୱୟଂଶାସିତ କଲେଜ୍
ର ସତ୍ୟବ୍ରତ ପଣ୍ଡା, କଳାମାଣିକ ଦାସ ସ୍ମୃତି ଚଉଧୁରୀ ମହା ବିଦ୍ୟାଳୟ ଓ ତୃତୀୟ ସ୍ଥାନ ନୀଳମଣି ଏବଂ ଶୁକଦେବ ମହାବିଦ୍ୟାଳୟ ପ୍ରାପ୍ତ କରିଥିଲେ । ଏହି ଅବସରରେ କୁଇଜ୍ ପ୍ରତିଯୋଗିତା ମଧ୍ୟ ଆୟୋଜନ କରାଯାଇଥିଲା । ଶେଷରେ ଜିଲ୍ଲାପାଳ ସଭା ରେ ଉପସ୍ଥିତ ସମସ୍ତ ବ୍ୟକ୍ତିବିଶେଷ ଙ୍କୁ କିଛି ପ୍ରଶ୍ନ ପୁଛାଯାଇ ମାଧ୍ୟମ ରେ ପଚାରିଥିଲେ ଏବଂ ସଠିକ୍ ଉତ୍ତରଦାତା ଙ୍କୁ ପୁରସ୍କାର ପ୍ରଦାନ କରିଥିଲେ ।
CMYK	CMYK
